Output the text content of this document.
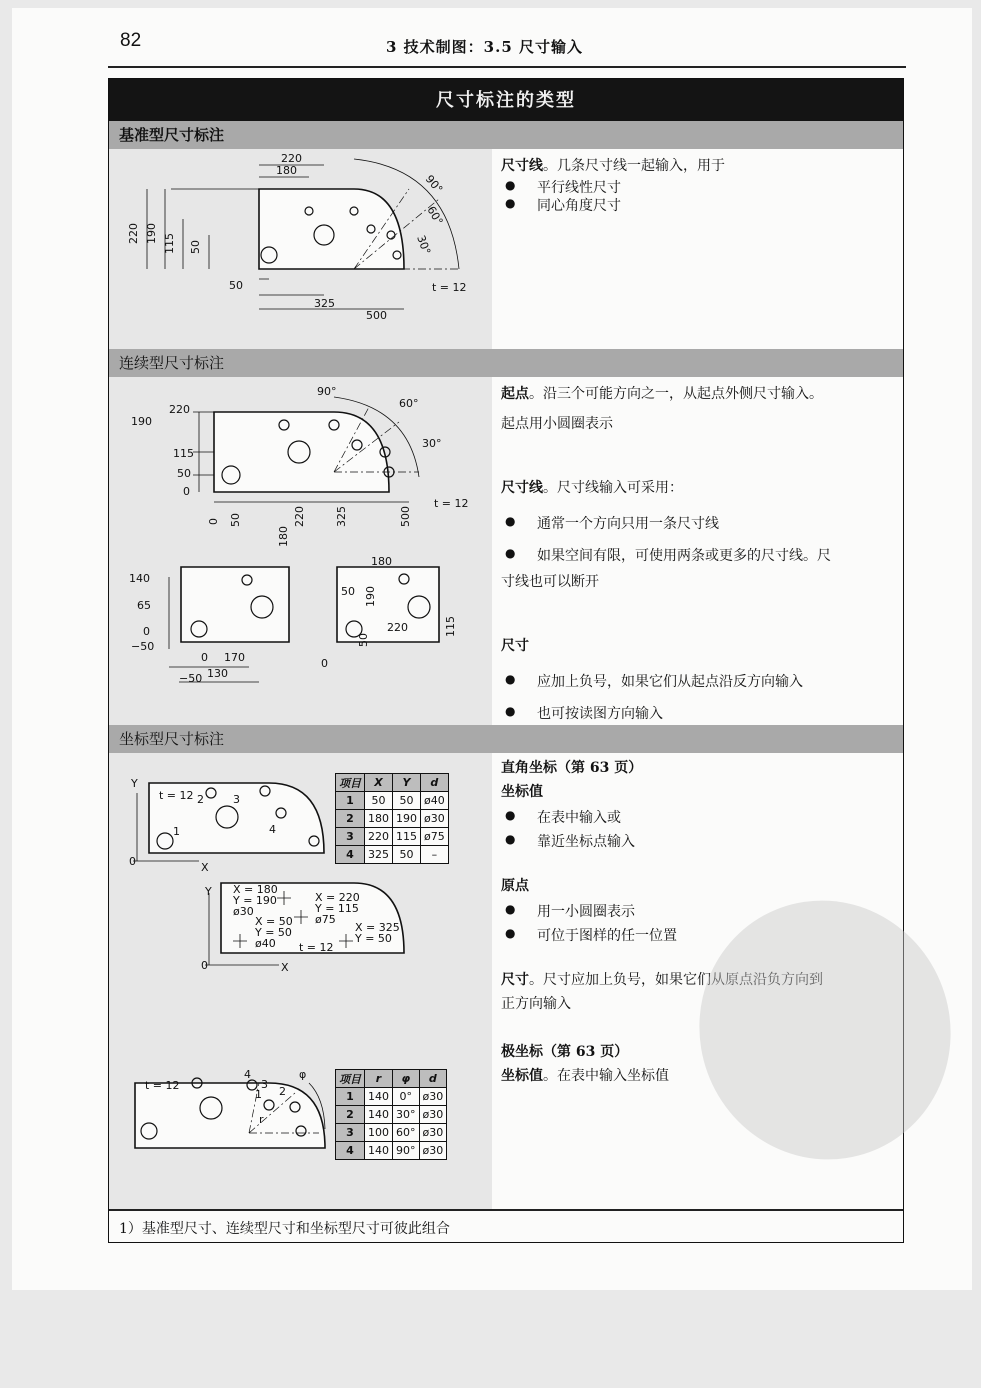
82	3 技术制图：3.5 尺寸输入
尺寸标注的类型
基准型尺寸标注
220
180
50
325
500
220 190 115 50
90°
60°
30°
t = 12
尺寸线。几条尺寸线一起输入，用于
● 平行线性尺寸
● 同心角度尺寸
连续型尺寸标注
220
190
115
50
0
0 50
180
220	325	500
90°
60°
30°
t = 12
140
65
0
−50
0 170
−50 130
180
50 190
220
50
115
0
起点。沿三个可能方向之一，从起点外侧尺寸输入。
起点用小圆圈表示
尺寸线。尺寸线输入可采用：
● 通常一个方向只用一条尺寸线
● 如果空间有限，可使用两条或更多的尺寸线。尺
寸线也可以断开
尺寸
● 应加上负号，如果它们从起点沿反方向输入
● 也可按读图方向输入
坐标型尺寸标注
t = 12
X
Y
0
1
2	3
4
X = 180
Y = 190
ø30
X = 220
Y = 115
ø75
X = 50
Y = 50
ø40
X = 325
Y = 50
t = 12
X
Y
0
t = 12
φ
r
1 2
3
4
项目	X	Y	d
1	50	50	ø40
2	180	190	ø30
3	220	115	ø75
4	325	50	–
项目	r	φ	d
1	140	0°	ø30
2	140	30°	ø30
3	100	60°	ø30
4	140	90°	ø30
直角坐标（第 63 页）
坐标值
● 在表中输入或
● 靠近坐标点输入
原点
● 用一小圆圈表示
● 可位于图样的任一位置
尺寸。尺寸应加上负号，如果它们从原点沿负方向到
正方向输入
极坐标（第 63 页）
坐标值。在表中输入坐标值
1）基准型尺寸、连续型尺寸和坐标型尺寸可彼此组合
